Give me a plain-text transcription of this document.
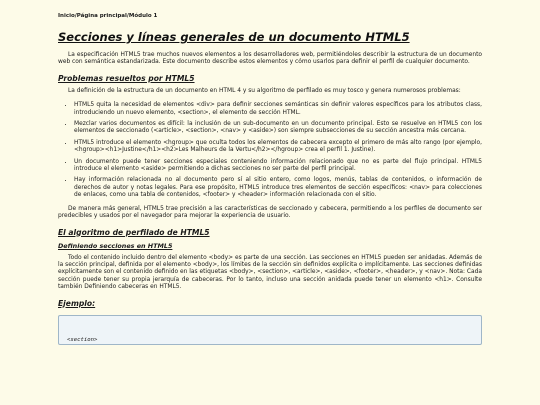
Inicio/Página principal/Módulo 1
Secciones y líneas generales de un documento HTML5

La especificación HTML5 trae muchos nuevos elementos a los desarrolladores web, permitiéndoles describir la estructura de un documento web con semántica estandarizada. Este documento describe estos elementos y cómo usarlos para definir el perfil de cualquier documento.

Problemas resueltos por HTML5

La definición de la estructura de un documento en HTML 4 y su algoritmo de perfilado es muy tosco y genera numerosos problemas:

• HTML5 quita la necesidad de elementos <div> para definir secciones semánticas sin definir valores específicos para los atributos class, introduciendo un nuevo elemento, <section>, el elemento de sección HTML.
• Mezclar varios documentos es difícil: la inclusión de un sub-documento en un documento principal. Esto se resuelve en HTML5 con los elementos de seccionado (<article>, <section>, <nav> y <aside>) son siempre subsecciones de su sección ancestra más cercana.
• HTML5 introduce el elemento <hgroup> que oculta todos los elementos de cabecera excepto el primero de más alto rango (por ejemplo, <hgroup><h1>Justine</h1><h2>Les Malheurs de la Vertu</h2></hgroup> crea el perfil 1. Justine).
• Un documento puede tener secciones especiales conteniendo información relacionado que no es parte del flujo principal. HTML5 introduce el elemento <aside> permitiendo a dichas secciones no ser parte del perfil principal.
• Hay información relacionada no al documento pero sí al sitio entero, como logos, menús, tablas de contenidos, o información de derechos de autor y notas legales. Para ese propósito, HTML5 introduce tres elementos de sección específicos: <nav> para colecciones de enlaces, como una tabla de contenidos, <footer> y <header> información relacionada con el sitio.

De manera más general, HTML5 trae precisión a las características de seccionado y cabecera, permitiendo a los perfiles de documento ser predecibles y usados por el navegador para mejorar la experiencia de usuario.

El algoritmo de perfilado de HTML5
Definiendo secciones en HTML5

Todo el contenido incluido dentro del elemento <body> es parte de una sección. Las secciones en HTML5 pueden ser anidadas. Además de la sección principal, definida por el elemento <body>, los límites de la sección sin definidos explícita o implícitamente. Las secciones definidas explícitamente son el contenido definido en las etiquetas <body>, <section>, <article>, <aside>, <footer>, <header>, y <nav>. Nota: Cada sección puede tener su propia jerarquía de cabeceras. Por lo tanto, incluso una sección anidada puede tener un elemento <h1>. Consulte también Definiendo cabeceras en HTML5.

Ejemplo:
<section>
